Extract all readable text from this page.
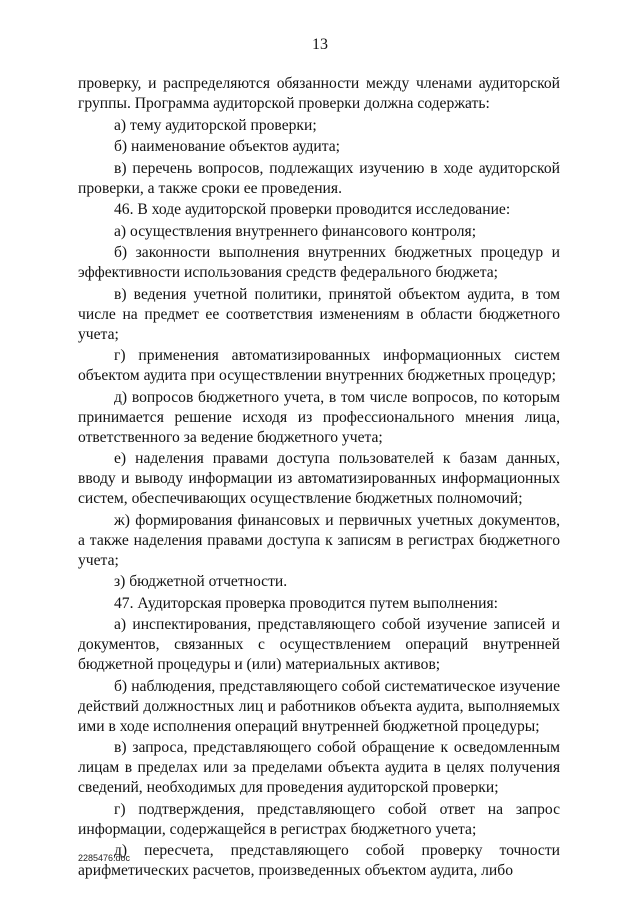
13

проверку, и распределяются обязанности между членами аудиторской группы. Программа аудиторской проверки должна содержать:

а) тему аудиторской проверки;

б) наименование объектов аудита;

в) перечень вопросов, подлежащих изучению в ходе аудиторской проверки, а также сроки ее проведения.

46. В ходе аудиторской проверки проводится исследование:

а) осуществления внутреннего финансового контроля;

б) законности выполнения внутренних бюджетных процедур и эффективности использования средств федерального бюджета;

в) ведения учетной политики, принятой объектом аудита, в том числе на предмет ее соответствия изменениям в области бюджетного учета;

г) применения автоматизированных информационных систем объектом аудита при осуществлении внутренних бюджетных процедур;

д) вопросов бюджетного учета, в том числе вопросов, по которым принимается решение исходя из профессионального мнения лица, ответственного за ведение бюджетного учета;

е) наделения правами доступа пользователей к базам данных, вводу и выводу информации из автоматизированных информационных систем, обеспечивающих осуществление бюджетных полномочий;

ж) формирования финансовых и первичных учетных документов, а также наделения правами доступа к записям в регистрах бюджетного учета;

з) бюджетной отчетности.

47. Аудиторская проверка проводится путем выполнения:

а) инспектирования, представляющего собой изучение записей и документов, связанных с осуществлением операций внутренней бюджетной процедуры и (или) материальных активов;

б) наблюдения, представляющего собой систематическое изучение действий должностных лиц и работников объекта аудита, выполняемых ими в ходе исполнения операций внутренней бюджетной процедуры;

в) запроса, представляющего собой обращение к осведомленным лицам в пределах или за пределами объекта аудита в целях получения сведений, необходимых для проведения аудиторской проверки;

г) подтверждения, представляющего собой ответ на запрос информации, содержащейся в регистрах бюджетного учета;

д) пересчета, представляющего собой проверку точности арифметических расчетов, произведенных объектом аудита, либо

2285476.doc
